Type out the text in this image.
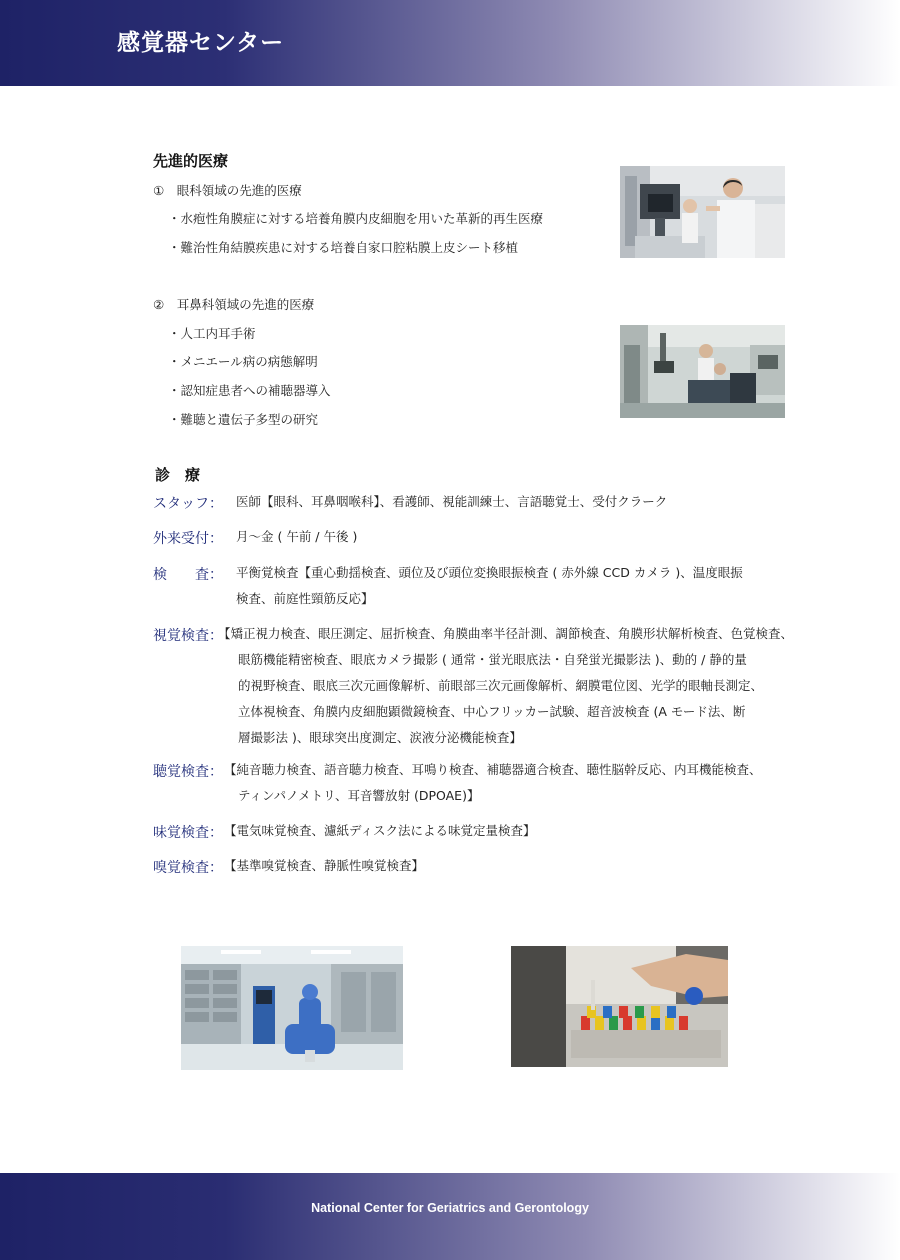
感覚器センター
先進的医療
①　眼科領域の先進的医療
・水疱性角膜症に対する培養角膜内皮細胞を用いた革新的再生医療
・難治性角結膜疾患に対する培養自家口腔粘膜上皮シート移植
②　耳鼻科領域の先進的医療
・人工内耳手術
・メニエール病の病態解明
・認知症患者への補聴器導入
・難聴と遺伝子多型の研究
診　療
スタッフ： 医師【眼科、耳鼻咽喉科】、看護師、視能訓練士、言語聴覚士、受付クラーク
外来受付： 月～金 ( 午前 / 午後 )
検　　査： 平衡覚検査【重心動揺検査、頭位及び頭位変換眼振検査 ( 赤外線 CCD カメラ )、温度眼振
検査、前庭性頸筋反応】
視覚検査：
【矯正視力検査、眼圧測定、屈折検査、角膜曲率半径計測、調節検査、角膜形状解析検査、色覚検査、
眼筋機能精密検査、眼底カメラ撮影 ( 通常・蛍光眼底法・自発蛍光撮影法 )、動的 / 静的量
的視野検査、眼底三次元画像解析、前眼部三次元画像解析、網膜電位図、光学的眼軸長測定、
立体視検査、角膜内皮細胞顕微鏡検査、中心フリッカー試験、超音波検査 (A モード法、断
層撮影法 )、眼球突出度測定、涙液分泌機能検査】
聴覚検査： 【純音聴力検査、語音聴力検査、耳鳴り検査、補聴器適合検査、聴性脳幹反応、内耳機能検査、
ティンパノメトリ、耳音響放射 (DPOAE)】
味覚検査： 【電気味覚検査、濾紙ディスク法による味覚定量検査】
嗅覚検査： 【基準嗅覚検査、静脈性嗅覚検査】
National Center for Geriatrics and Gerontology
